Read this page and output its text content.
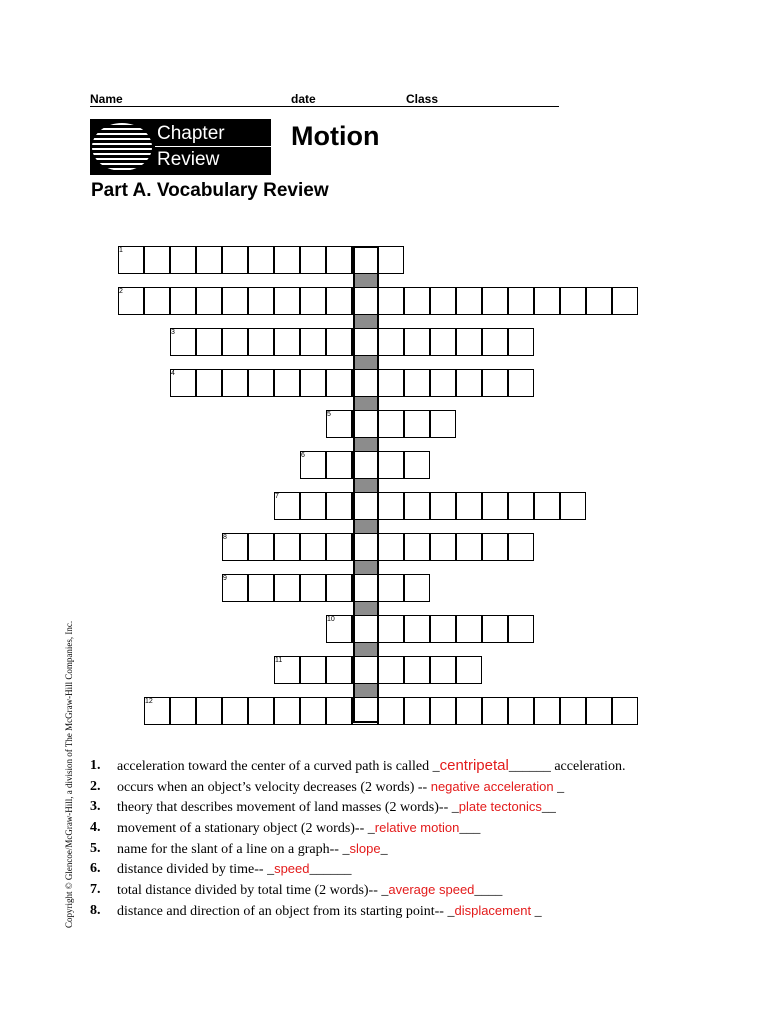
Name	date	Class
Chapter
Review
Motion
Part A. Vocabulary Review
1
2
3
4
5
6
7
8
9
10
11
12
1. acceleration toward the center of a curved path is called _centripetal______ acceleration.
2. occurs when an object’s velocity decreases (2 words) -- negative acceleration _
3. theory that describes movement of land masses (2 words)-- _plate tectonics__
4. movement of a stationary object (2 words)-- _relative motion___
5. name for the slant of a line on a graph-- _slope_
6. distance divided by time-- _speed______
7. total distance divided by total time (2 words)-- _average speed____
8. distance and direction of an object from its starting point-- _displacement _
Copyright © Glencoe/McGraw-Hill, a division of The McGraw-Hill Companies, Inc.
